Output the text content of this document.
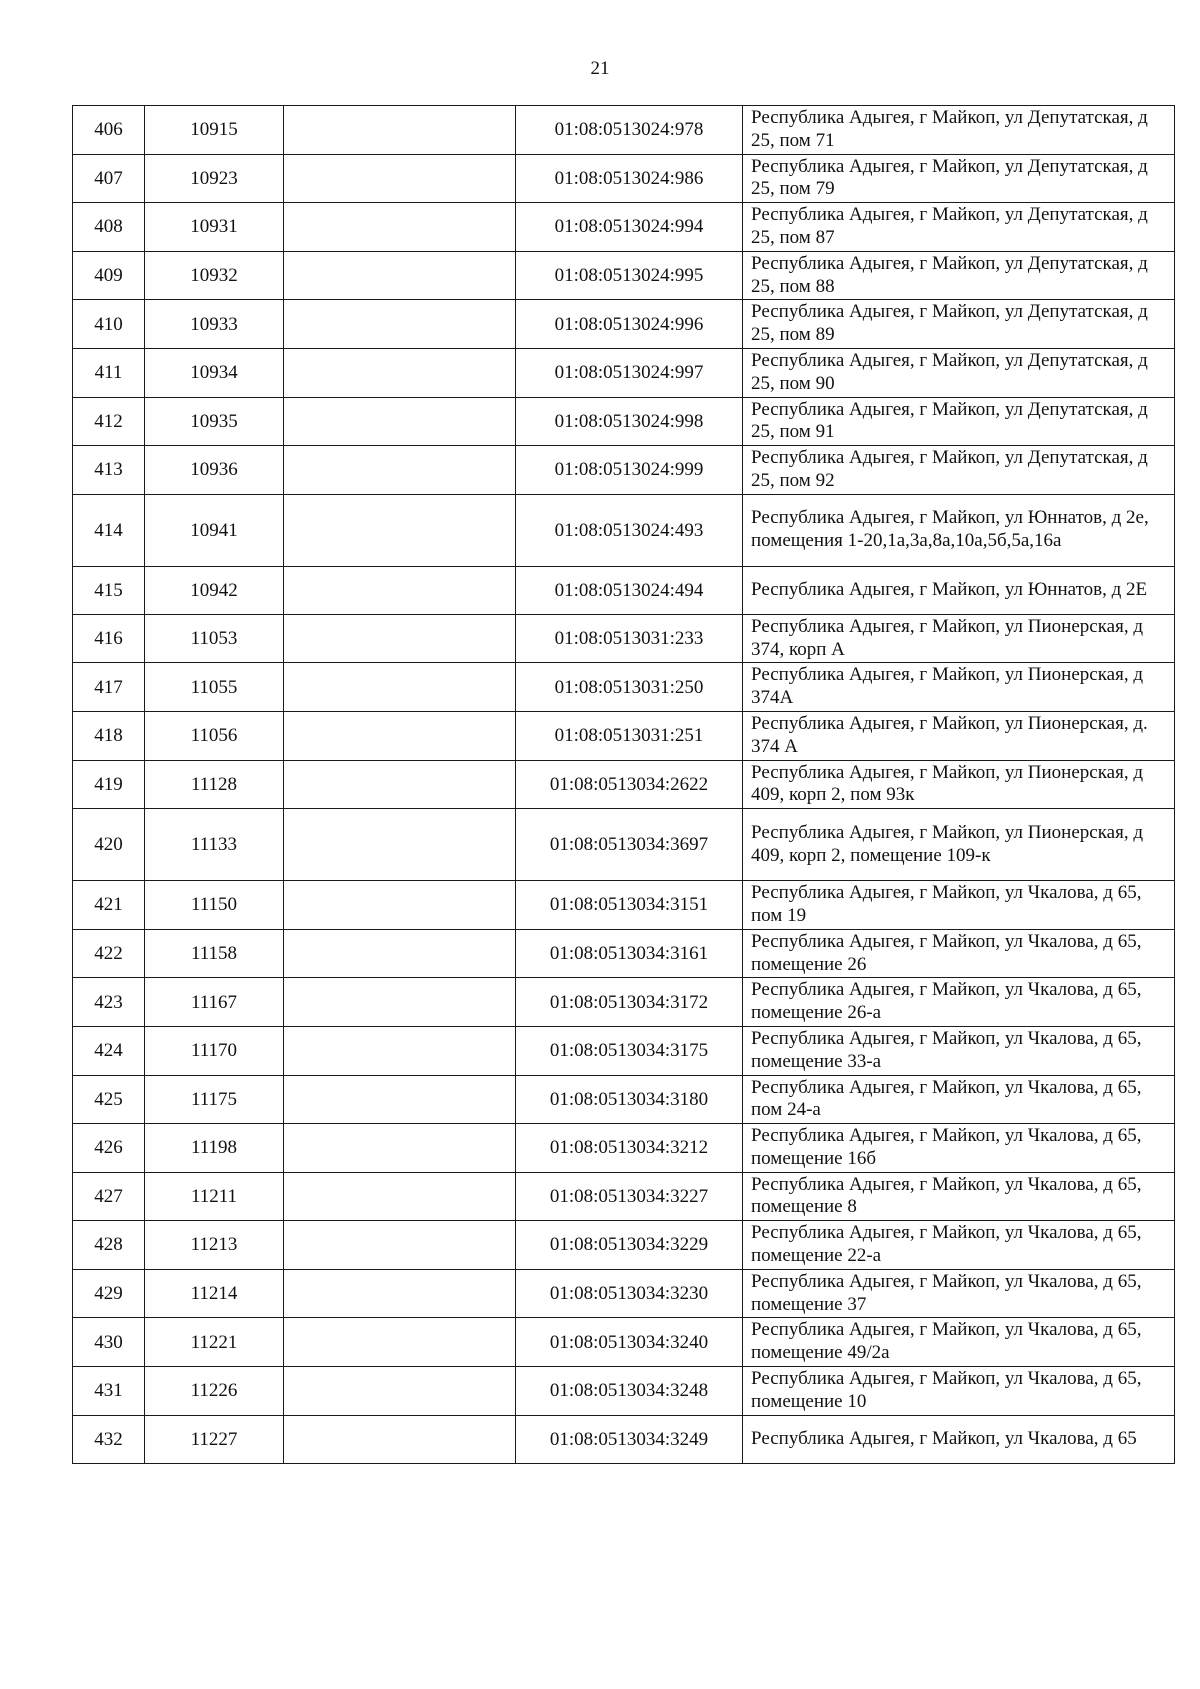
21
406	10915		01:08:0513024:978	Республика Адыгея, г Майкоп, ул Депутатская, д 25, пом 71
407	10923		01:08:0513024:986	Республика Адыгея, г Майкоп, ул Депутатская, д 25, пом 79
408	10931		01:08:0513024:994	Республика Адыгея, г Майкоп, ул Депутатская, д 25, пом 87
409	10932		01:08:0513024:995	Республика Адыгея, г Майкоп, ул Депутатская, д 25, пом 88
410	10933		01:08:0513024:996	Республика Адыгея, г Майкоп, ул Депутатская, д 25, пом 89
411	10934		01:08:0513024:997	Республика Адыгея, г Майкоп, ул Депутатская, д 25, пом 90
412	10935		01:08:0513024:998	Республика Адыгея, г Майкоп, ул Депутатская, д 25, пом 91
413	10936		01:08:0513024:999	Республика Адыгея, г Майкоп, ул Депутатская, д 25, пом 92
414	10941		01:08:0513024:493	Республика Адыгея, г Майкоп, ул Юннатов, д 2е, помещения 1-20,1а,3а,8а,10а,5б,5а,16а
415	10942		01:08:0513024:494	Республика Адыгея, г Майкоп, ул Юннатов, д 2Е
416	11053		01:08:0513031:233	Республика Адыгея, г Майкоп, ул Пионерская, д 374, корп А
417	11055		01:08:0513031:250	Республика Адыгея, г Майкоп, ул Пионерская, д 374А
418	11056		01:08:0513031:251	Республика Адыгея, г Майкоп, ул Пионерская, д. 374 А
419	11128		01:08:0513034:2622	Республика Адыгея, г Майкоп, ул Пионерская, д 409, корп 2, пом 93к
420	11133		01:08:0513034:3697	Республика Адыгея, г Майкоп, ул Пионерская, д 409, корп 2, помещение 109-к
421	11150		01:08:0513034:3151	Республика Адыгея, г Майкоп, ул Чкалова, д 65, пом 19
422	11158		01:08:0513034:3161	Республика Адыгея, г Майкоп, ул Чкалова, д 65, помещение 26
423	11167		01:08:0513034:3172	Республика Адыгея, г Майкоп, ул Чкалова, д 65, помещение 26-а
424	11170		01:08:0513034:3175	Республика Адыгея, г Майкоп, ул Чкалова, д 65, помещение 33-а
425	11175		01:08:0513034:3180	Республика Адыгея, г Майкоп, ул Чкалова, д 65, пом 24-а
426	11198		01:08:0513034:3212	Республика Адыгея, г Майкоп, ул Чкалова, д 65, помещение 16б
427	11211		01:08:0513034:3227	Республика Адыгея, г Майкоп, ул Чкалова, д 65, помещение 8
428	11213		01:08:0513034:3229	Республика Адыгея, г Майкоп, ул Чкалова, д 65, помещение 22-а
429	11214		01:08:0513034:3230	Республика Адыгея, г Майкоп, ул Чкалова, д 65, помещение 37
430	11221		01:08:0513034:3240	Республика Адыгея, г Майкоп, ул Чкалова, д 65, помещение 49/2а
431	11226		01:08:0513034:3248	Республика Адыгея, г Майкоп, ул Чкалова, д 65, помещение 10
432	11227		01:08:0513034:3249	Республика Адыгея, г Майкоп, ул Чкалова, д 65
